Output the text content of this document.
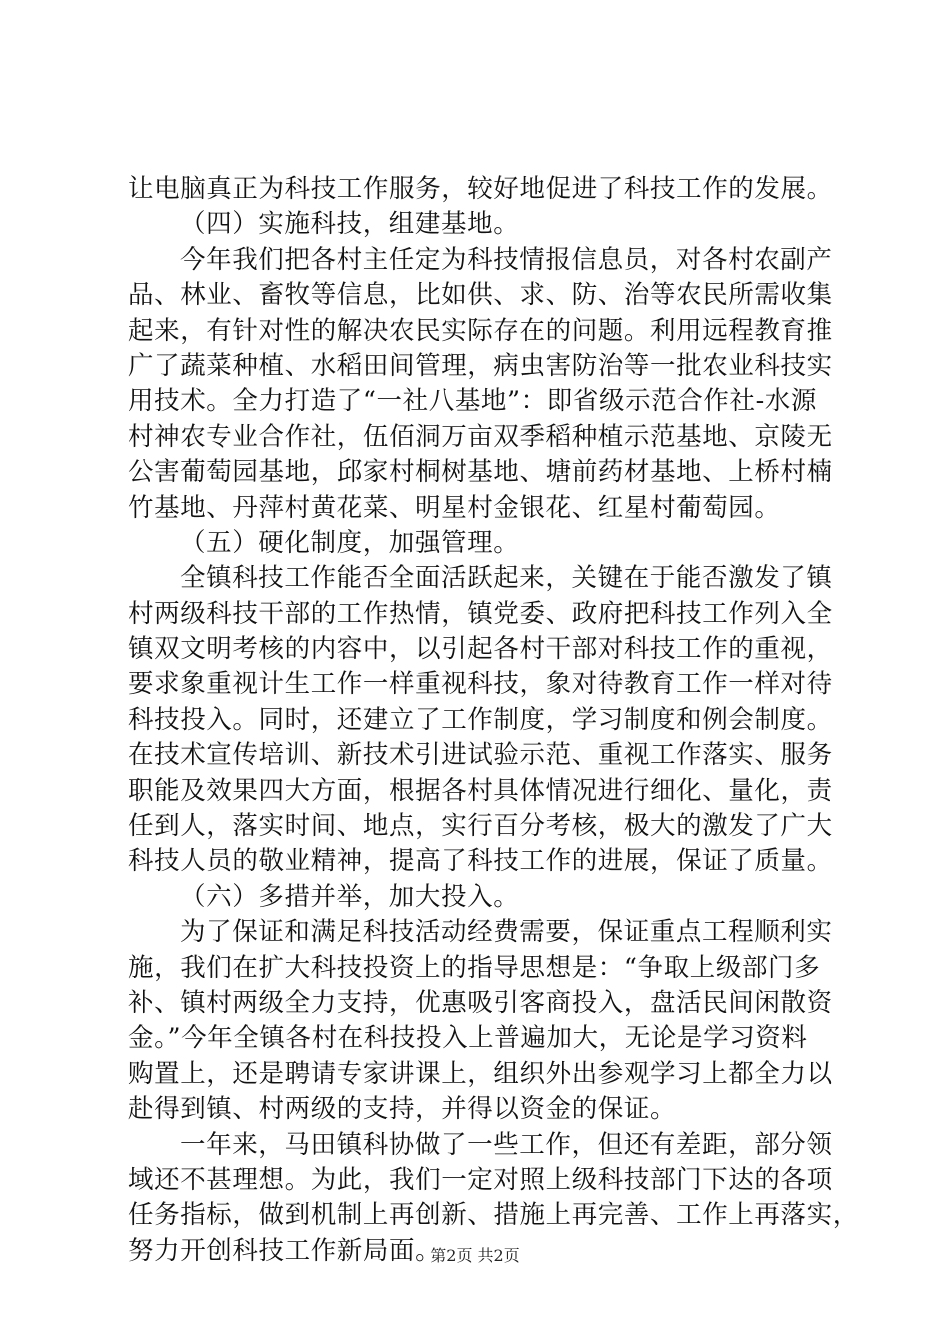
让电脑真正为科技工作服务，较好地促进了科技工作的发展。
（四）实施科技，组建基地。
今年我们把各村主任定为科技情报信息员，对各村农副产
品、林业、畜牧等信息，比如供、求、防、治等农民所需收集
起来，有针对性的解决农民实际存在的问题。利用远程教育推
广了蔬菜种植、水稻田间管理，病虫害防治等一批农业科技实
用技术。全力打造了“一社八基地”：即省级示范合作社-水源
村神农专业合作社，伍佰洞万亩双季稻种植示范基地、京陵无
公害葡萄园基地，邱家村桐树基地、塘前药材基地、上桥村楠
竹基地、丹萍村黄花菜、明星村金银花、红星村葡萄园。
（五）硬化制度，加强管理。
全镇科技工作能否全面活跃起来，关键在于能否激发了镇
村两级科技干部的工作热情，镇党委、政府把科技工作列入全
镇双文明考核的内容中，以引起各村干部对科技工作的重视，
要求象重视计生工作一样重视科技，象对待教育工作一样对待
科技投入。同时，还建立了工作制度，学习制度和例会制度。
在技术宣传培训、新技术引进试验示范、重视工作落实、服务
职能及效果四大方面，根据各村具体情况进行细化、量化，责
任到人，落实时间、地点，实行百分考核，极大的激发了广大
科技人员的敬业精神，提高了科技工作的进展，保证了质量。
（六）多措并举，加大投入。
为了保证和满足科技活动经费需要，保证重点工程顺利实
施，我们在扩大科技投资上的指导思想是：“争取上级部门多
补、镇村两级全力支持，优惠吸引客商投入，盘活民间闲散资
金。”今年全镇各村在科技投入上普遍加大，无论是学习资料
购置上，还是聘请专家讲课上，组织外出参观学习上都全力以
赴得到镇、村两级的支持，并得以资金的保证。
一年来，马田镇科协做了一些工作，但还有差距，部分领
域还不甚理想。为此，我们一定对照上级科技部门下达的各项
任务指标，做到机制上再创新、措施上再完善、工作上再落实，
努力开创科技工作新局面。
第2页 共2页
